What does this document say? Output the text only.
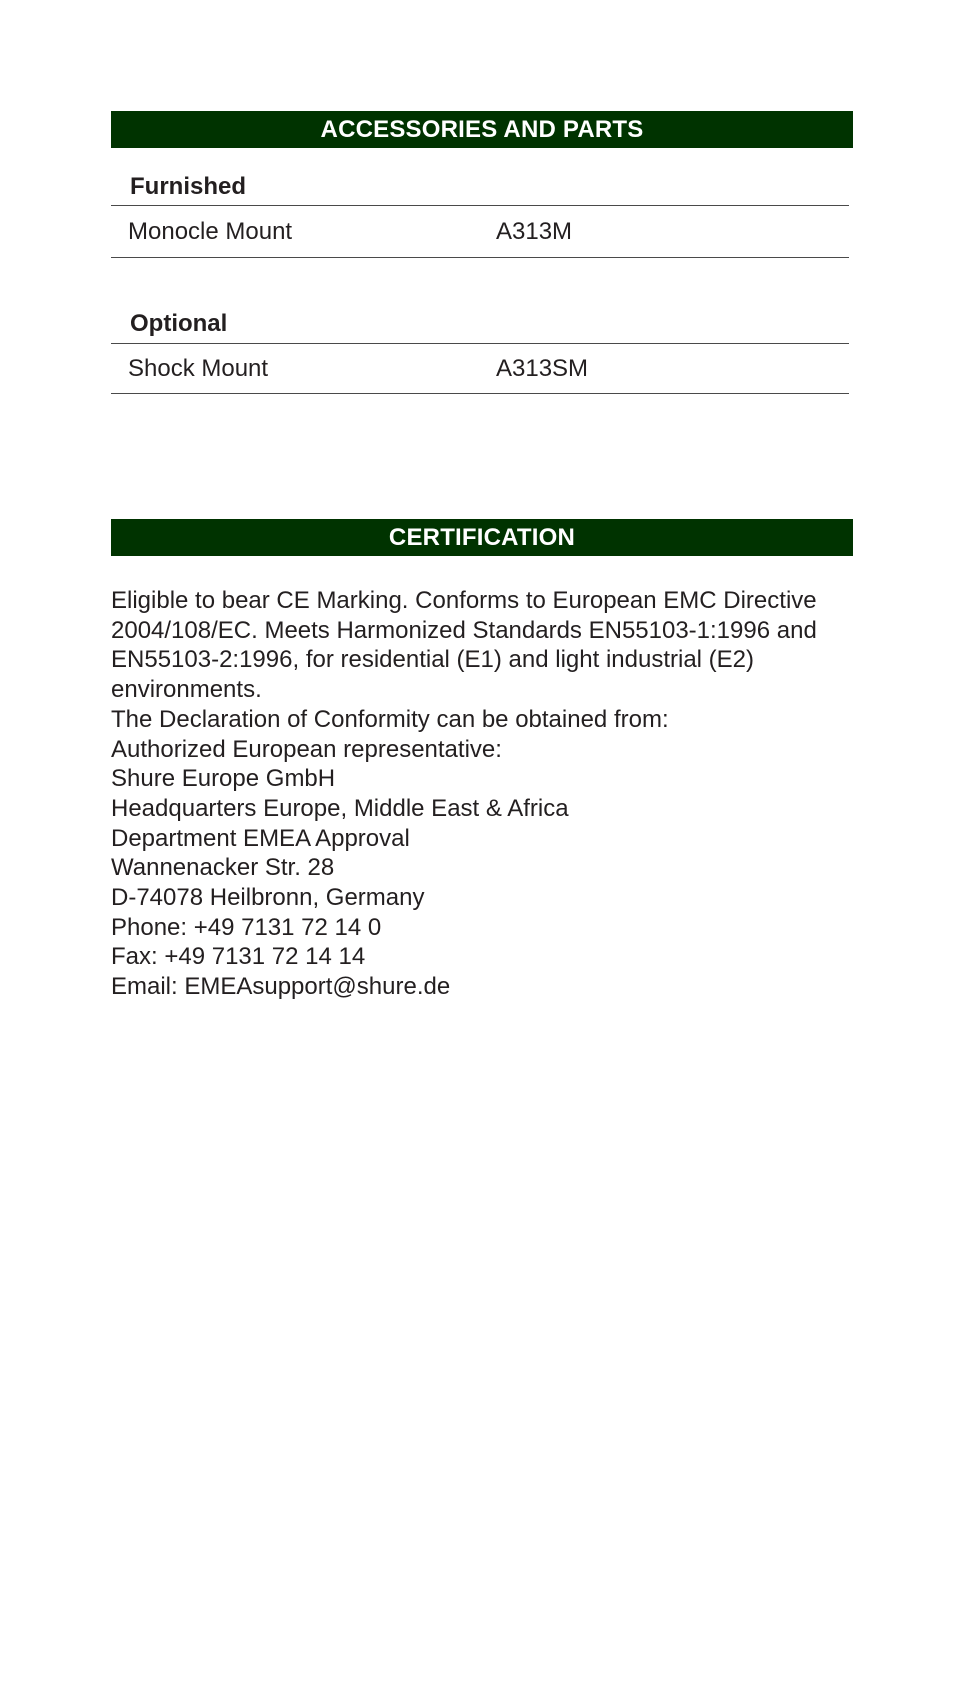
ACCESSORIES AND PARTS
Furnished
Monocle Mount	A313M
Optional
Shock Mount	A313SM
CERTIFICATION

Eligible to bear CE Marking. Conforms to European EMC Directive 2004/108/EC. Meets Harmonized Standards EN55103-1:1996 and EN55103-2:1996, for residential (E1) and light industrial (E2) environments.

The Declaration of Conformity can be obtained from:

Authorized European representative:

Shure Europe GmbH

Headquarters Europe, Middle East & Africa

Department EMEA Approval

Wannenacker Str. 28

D-74078 Heilbronn, Germany

Phone: +49 7131 72 14 0

Fax: +49 7131 72 14 14

Email: EMEAsupport@shure.de
